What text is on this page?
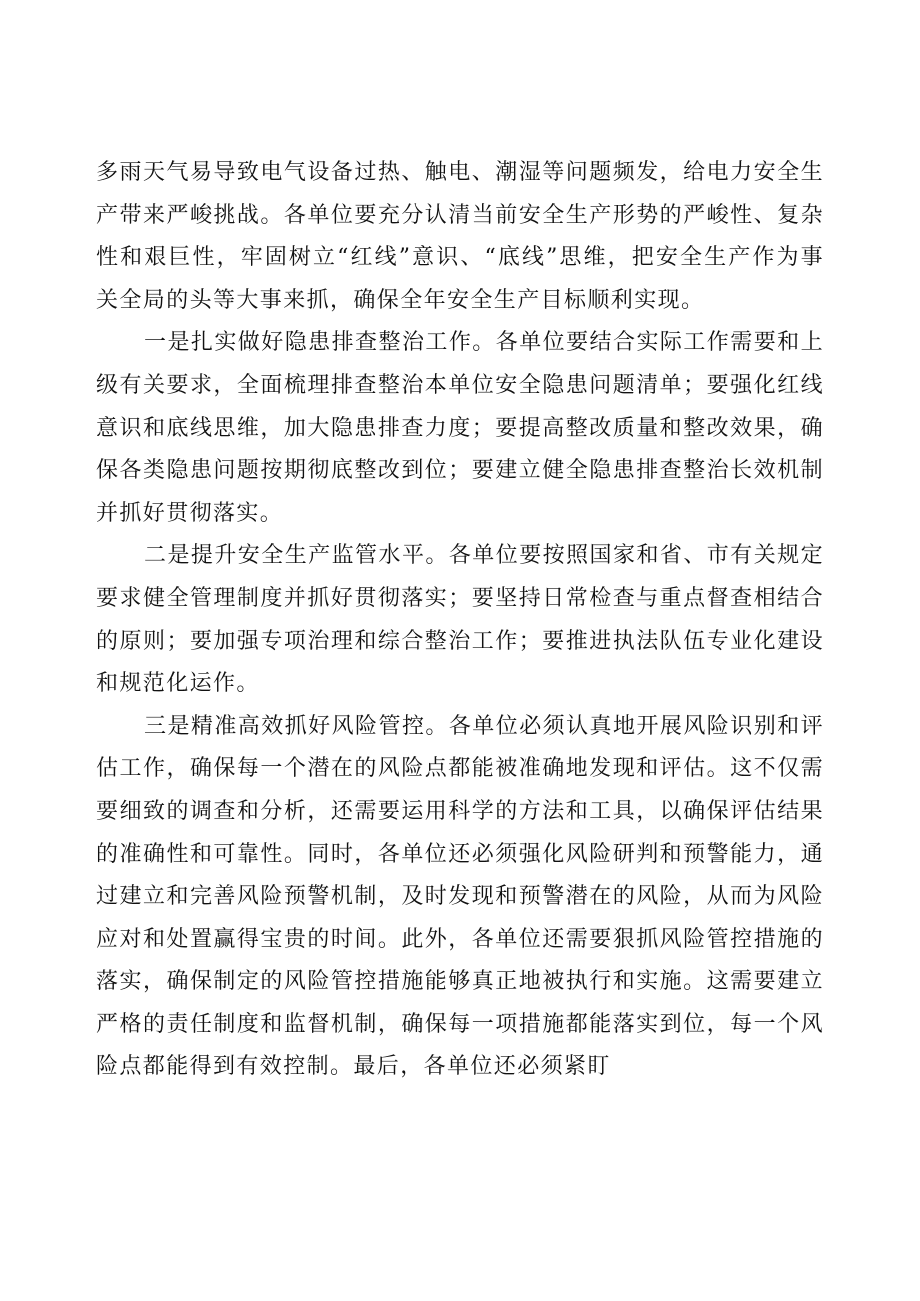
多雨天气易导致电气设备过热、触电、潮湿等问题频发，给电力安全生产带来严峻挑战。各单位要充分认清当前安全生产形势的严峻性、复杂性和艰巨性，牢固树立“红线”意识、“底线”思维，把安全生产作为事关全局的头等大事来抓，确保全年安全生产目标顺利实现。

一是扎实做好隐患排查整治工作。各单位要结合实际工作需要和上级有关要求，全面梳理排查整治本单位安全隐患问题清单；要强化红线意识和底线思维，加大隐患排查力度；要提高整改质量和整改效果，确保各类隐患问题按期彻底整改到位；要建立健全隐患排查整治长效机制并抓好贯彻落实。

二是提升安全生产监管水平。各单位要按照国家和省、市有关规定要求健全管理制度并抓好贯彻落实；要坚持日常检查与重点督查相结合的原则；要加强专项治理和综合整治工作；要推进执法队伍专业化建设和规范化运作。

三是精准高效抓好风险管控。各单位必须认真地开展风险识别和评估工作，确保每一个潜在的风险点都能被准确地发现和评估。这不仅需要细致的调查和分析，还需要运用科学的方法和工具，以确保评估结果的准确性和可靠性。同时，各单位还必须强化风险研判和预警能力，通过建立和完善风险预警机制，及时发现和预警潜在的风险，从而为风险应对和处置赢得宝贵的时间。此外，各单位还需要狠抓风险管控措施的落实，确保制定的风险管控措施能够真正地被执行和实施。这需要建立严格的责任制度和监督机制，确保每一项措施都能落实到位，每一个风险点都能得到有效控制。最后，各单位还必须紧盯
